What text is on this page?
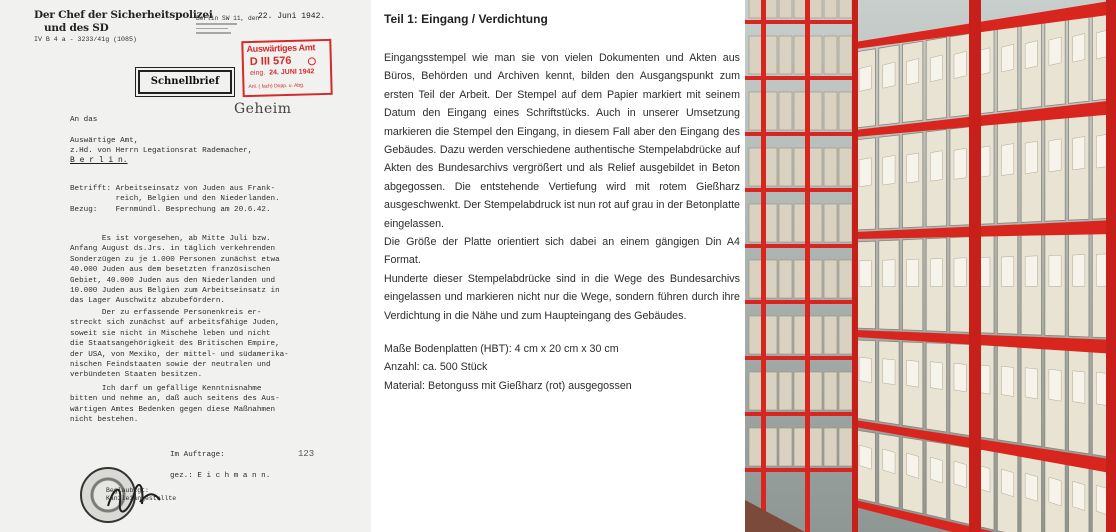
Der Chef der Sicherheitspolizei
und des SD
IV B 4 a - 3233/41g (1085)
Berlin SW 11, den
22. Juni 1942.
Auswärtiges Amt
D III 576
eing. 24. JUNI 1942
Anl. ( fach) Dopp. u. Abg.
Schnellbrief
Geheim
An das

Auswärtige Amt,
z.Hd. von Herrn Legationsrat Rademacher,
B e r l i n.
Betrifft: Arbeitseinsatz von Juden aus Frank-
reich, Belgien und den Niederlanden.
Bezug:    Fernmündl. Besprechung am 20.6.42.
Es ist vorgesehen, ab Mitte Juli bzw.
Anfang August ds.Jrs. in täglich verkehrenden
Sonderzügen zu je 1.000 Personen zunächst etwa
40.000 Juden aus dem besetzten französischen
Gebiet, 40.000 Juden aus den Niederlanden und
10.000 Juden aus Belgien zum Arbeitseinsatz in
das Lager Auschwitz abzubefördern.
Der zu erfassende Personenkreis er-
streckt sich zunächst auf arbeitsfähige Juden,
soweit sie nicht in Mischehe leben und nicht
die Staatsangehörigkeit des Britischen Empire,
der USA, von Mexiko, der mittel- und südamerika-
nischen Feindstaaten sowie der neutralen und
verbündeten Staaten besitzen.
Ich darf um gefällige Kenntnisnahme
bitten und nehme an, daß auch seitens des Aus-
wärtigen Amtes Bedenken gegen diese Maßnahmen
nicht bestehen.
Im Auftrage:

gez.: E i c h m a n n.
123
Beglaubigt:
Kanzleiangestellte
Teil 1: Eingang / Verdichtung

Eingangsstempel wie man sie von vielen Dokumenten und Akten aus Büros, Behörden und Archiven kennt, bilden den Ausgangspunkt zum ersten Teil der Arbeit. Der Stempel auf dem Papier markiert mit seinem Datum den Eingang eines Schriftstücks. Auch in unserer Umsetzung markieren die Stempel den Eingang, in diesem Fall aber den Eingang des Gebäudes. Dazu werden verschiedene authentische Stempelabdrücke auf Akten des Bundesarchivs vergrößert und als Relief ausgebildet in Beton abgegossen. Die entstehende Vertiefung wird mit rotem Gießharz ausgeschwenkt. Der Stempelabdruck ist nun rot auf grau in der Betonplatte eingelassen.

Die Größe der Platte orientiert sich dabei an einem gängigen Din A4 Format.

Hunderte dieser Stempelabdrücke sind in die Wege des Bundesarchivs eingelassen und markieren nicht nur die Wege, sondern führen durch ihre Verdichtung in die Nähe und zum Haupteingang des Gebäudes.

Maße Bodenplatten (HBT): 4 cm x 20 cm x 30 cm

Anzahl: ca. 500 Stück

Material: Betonguss mit Gießharz (rot) ausgegossen
